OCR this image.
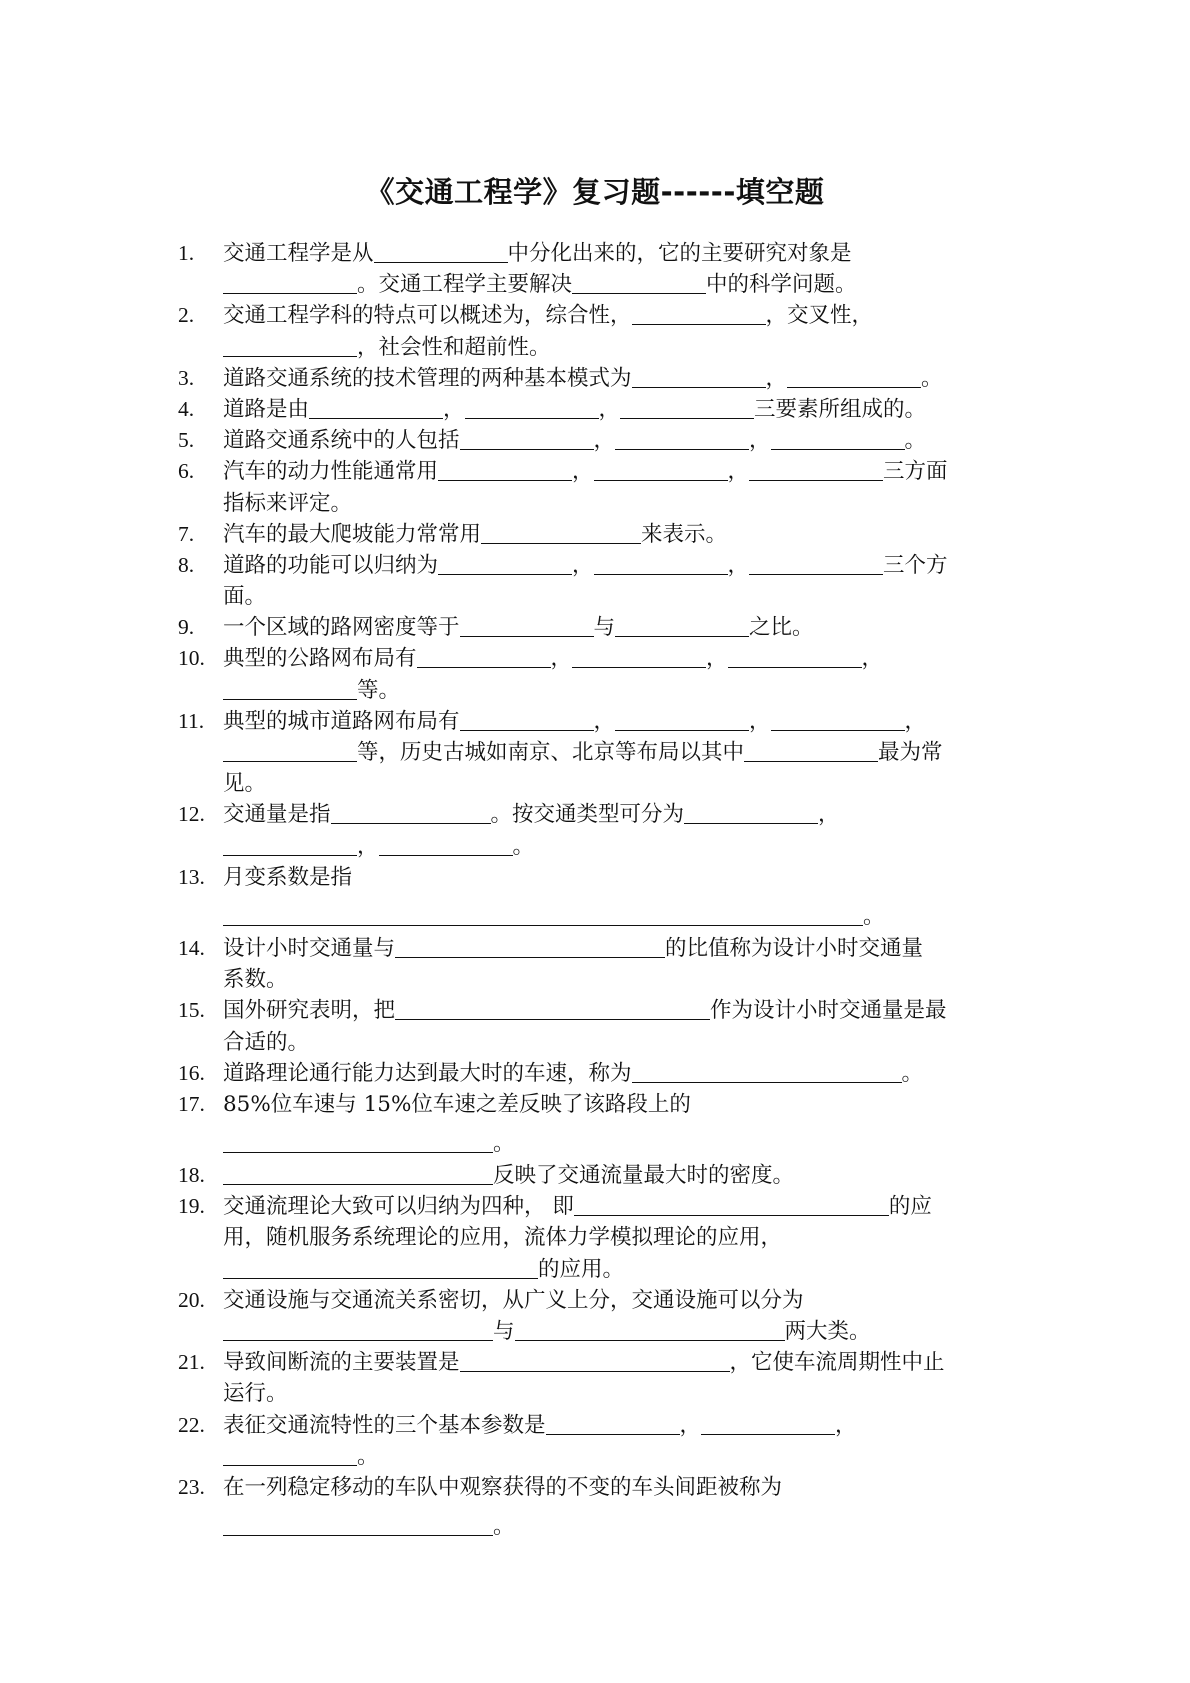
《交通工程学》复习题------填空题
1.	交通工程学是从	中分化出来的，它的主要研究对象是
。交通工程学主要解决	中的科学问题。
2.	交通工程学科的特点可以概述为，综合性，	，交叉性，
，社会性和超前性。
3.	道路交通系统的技术管理的两种基本模式为	，	。
4.	道路是由	，	，	三要素所组成的。
5.	道路交通系统中的人包括	，	，	。
6.	汽车的动力性能通常用	，	，	三方面
指标来评定。
7.	汽车的最大爬坡能力常常用	来表示。
8.	道路的功能可以归纳为	，	，	三个方
面。
9.	一个区域的路网密度等于	与	之比。
10. 典型的公路网布局有	，	，	，
等。
11. 典型的城市道路网布局有	，	，	，
等，历史古城如南京、北京等布局以其中	最为常
见。
12. 交通量是指	。按交通类型可分为	，
，	。
13. 月变系数是指
。
14. 设计小时交通量与	的比值称为设计小时交通量
系数。
15. 国外研究表明，把	作为设计小时交通量是最
合适的。
16. 道路理论通行能力达到最大时的车速，称为	。
17. 85%位车速与 15%位车速之差反映了该路段上的
。
18.	反映了交通流量最大时的密度。
19. 交通流理论大致可以归纳为四种， 即	的应
用，随机服务系统理论的应用，流体力学模拟理论的应用，
的应用。
20. 交通设施与交通流关系密切，从广义上分，交通设施可以分为
与	两大类。
21. 导致间断流的主要装置是	，它使车流周期性中止
运行。
22. 表征交通流特性的三个基本参数是	，	，
。
23. 在一列稳定移动的车队中观察获得的不变的车头间距被称为
。
